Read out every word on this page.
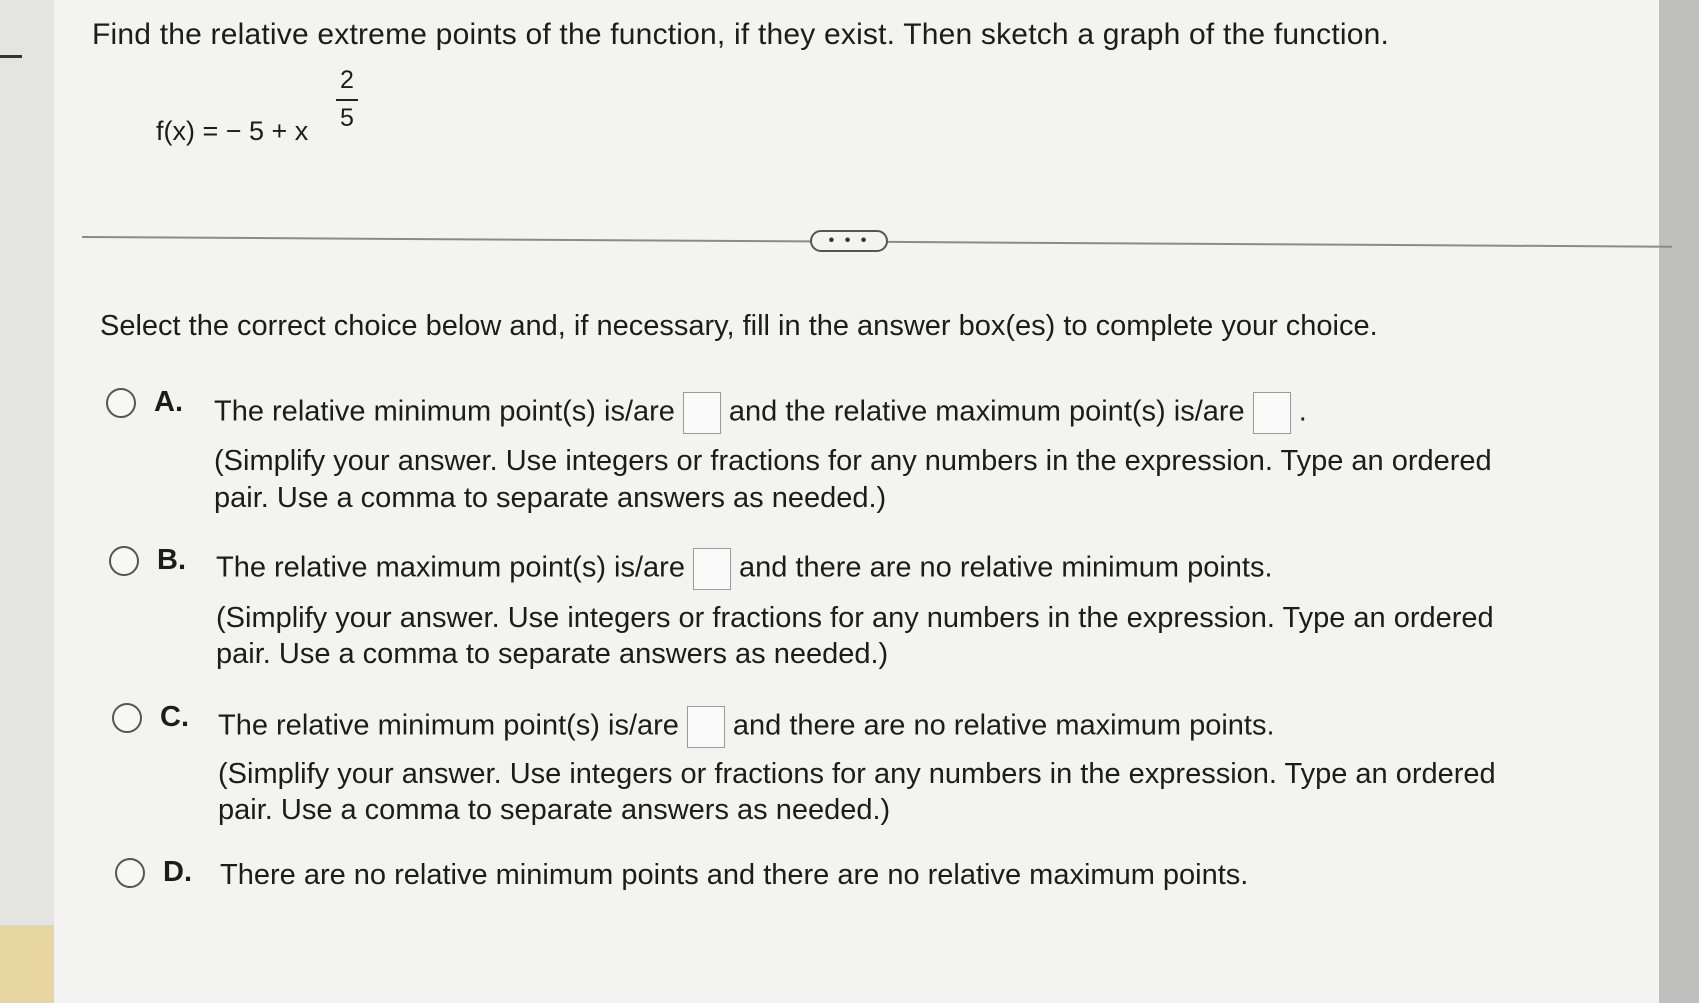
Find the relative extreme points of the function, if they exist. Then sketch a graph of the function.
f(x) = − 5 + x
2
5
• • •
Select the correct choice below and, if necessary, fill in the answer box(es) to complete your choice.
A. The relative minimum point(s) is/are and the relative maximum point(s) is/are .
(Simplify your answer. Use integers or fractions for any numbers in the expression. Type an ordered
pair. Use a comma to separate answers as needed.)
B. The relative maximum point(s) is/are and there are no relative minimum points.
(Simplify your answer. Use integers or fractions for any numbers in the expression. Type an ordered
pair. Use a comma to separate answers as needed.)
C. The relative minimum point(s) is/are and there are no relative maximum points.
(Simplify your answer. Use integers or fractions for any numbers in the expression. Type an ordered
pair. Use a comma to separate answers as needed.)
D. There are no relative minimum points and there are no relative maximum points.
